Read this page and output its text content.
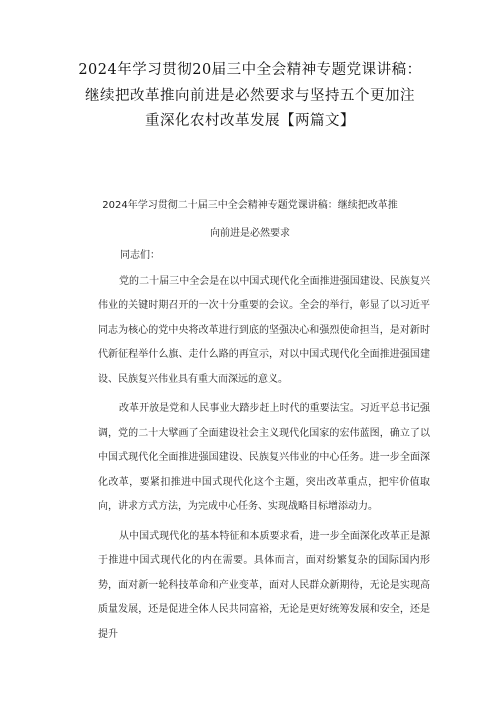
2024年学习贯彻20届三中全会精神专题党课讲稿：
继续把改革推向前进是必然要求与坚持五个更加注
重深化农村改革发展【两篇文】
2024年学习贯彻二十届三中全会精神专题党课讲稿：继续把改革推
向前进是必然要求
同志们：

党的二十届三中全会是在以中国式现代化全面推进强国建设、民族复兴伟业的关键时期召开的一次十分重要的会议。全会的举行，彰显了以习近平同志为核心的党中央将改革进行到底的坚强决心和强烈使命担当，是对新时代新征程举什么旗、走什么路的再宣示，对以中国式现代化全面推进强国建设、民族复兴伟业具有重大而深远的意义。

改革开放是党和人民事业大踏步赶上时代的重要法宝。习近平总书记强调，党的二十大擘画了全面建设社会主义现代化国家的宏伟蓝图，确立了以中国式现代化全面推进强国建设、民族复兴伟业的中心任务。进一步全面深化改革，要紧扣推进中国式现代化这个主题，突出改革重点，把牢价值取向，讲求方式方法，为完成中心任务、实现战略目标增添动力。

从中国式现代化的基本特征和本质要求看，进一步全面深化改革正是源于推进中国式现代化的内在需要。具体而言，面对纷繁复杂的国际国内形势，面对新一轮科技革命和产业变革，面对人民群众新期待，无论是实现高质量发展，还是促进全体人民共同富裕，无论是更好统筹发展和安全，还是提升
